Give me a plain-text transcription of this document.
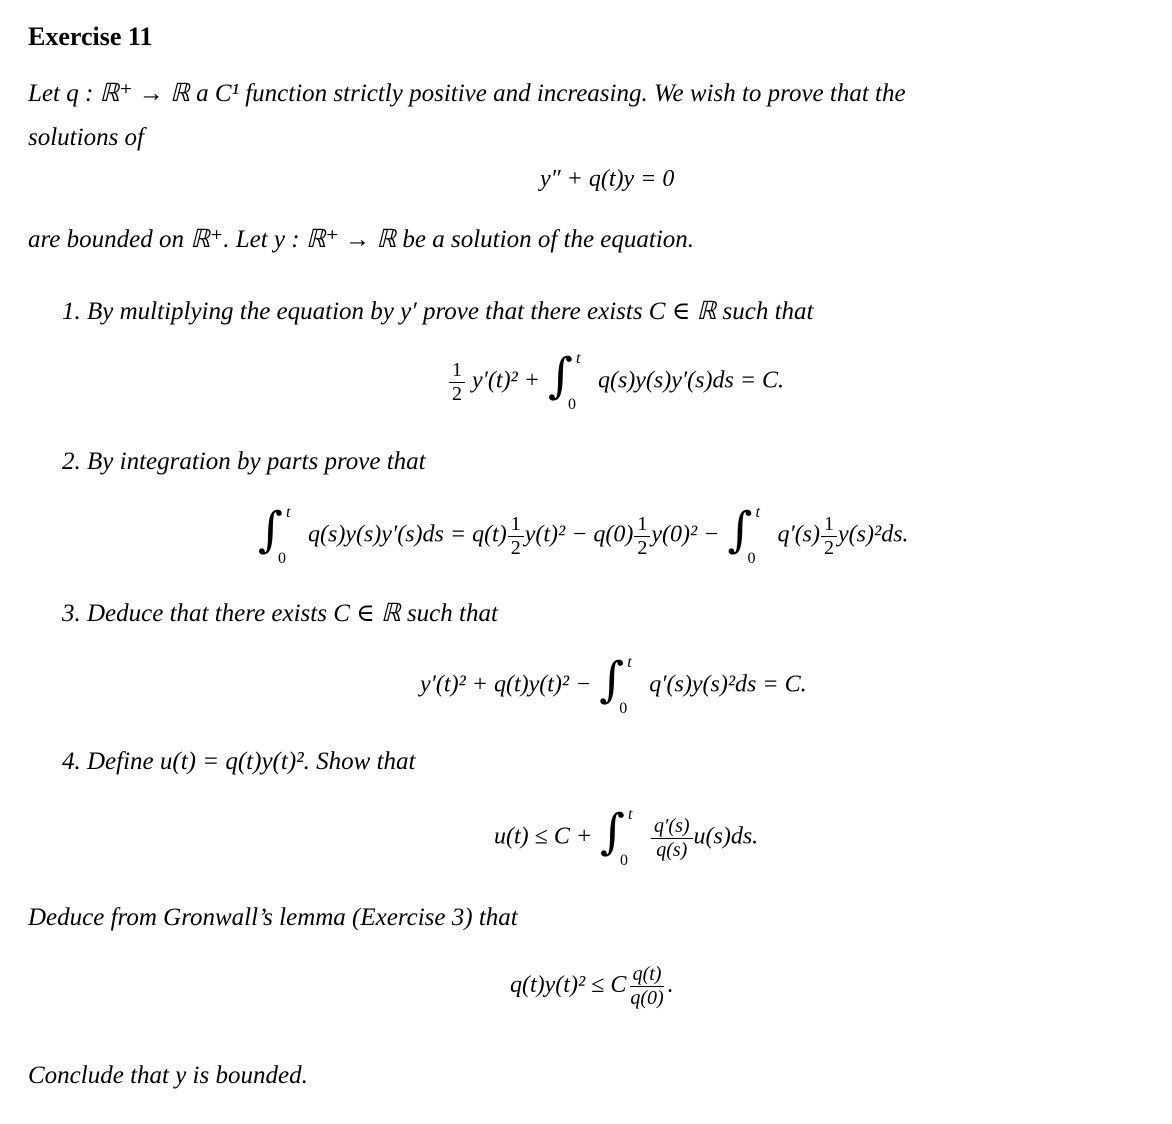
Exercise 11
Let q : ℝ⁺ → ℝ a C¹ function strictly positive and increasing. We wish to prove that the
solutions of
y″ + q(t)y = 0
are bounded on ℝ⁺. Let y : ℝ⁺ → ℝ be a solution of the equation.
1. By multiplying the equation by y′ prove that there exists C ∈ ℝ such that
$\frac{1}{2} y'(t)^2$ + ∫ t
0
q(s)y(s)y′(s)ds = C.
2. By integration by parts prove that
∫ t
0
$q(s)y(s)y'(s)ds = q(t) \frac{1}{2} y(t)^2 - q(0) \frac{1}{2} y(0)^2$ − ∫ t
0
$q'(s) \frac{1}{2} y(s)^2ds$.
3. Deduce that there exists C ∈ ℝ such that
y′(t)² + q(t)y(t)² − ∫ t
0
q′(s)y(s)²ds = C.
4. Define u(t) = q(t)y(t)². Show that
u(t) ≤ C + ∫ t
0
$\frac{q'(s)}{q(s)} u(s)ds$.
Deduce from Gronwall’s lemma (Exercise 3) that
q(t)y(t)² ≤ C $\frac{q(t)}{q(0)}$ .
Conclude that y is bounded.
